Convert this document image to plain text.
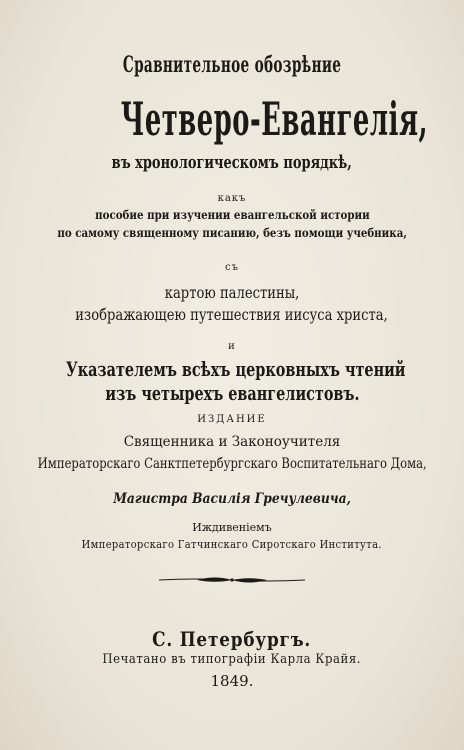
Сравнительное обозрѣние
Четверо-Евангелія,
въ хронологическомъ порядкѣ,
какъ
пособие при изучении евангельской истории
по самому священному писанию, безъ помощи учебника,
съ
картою палестины,
изображающею путешествия иисуса христа,
и
Указателемъ всѣхъ церковныхъ чтений
изъ четырехъ евангелистовъ.
ИЗДАНИЕ
Священника и Законоучителя
Императорскаго Санктпетербургскаго Воспитательнаго Дома,
Магистра Василія Гречулевича,
Иждивеніемъ
Императорскаго Гатчинскаго Сиротскаго Института.
С. Петербургъ.
Печатано въ типографіи Карла Крайя.
1849.
